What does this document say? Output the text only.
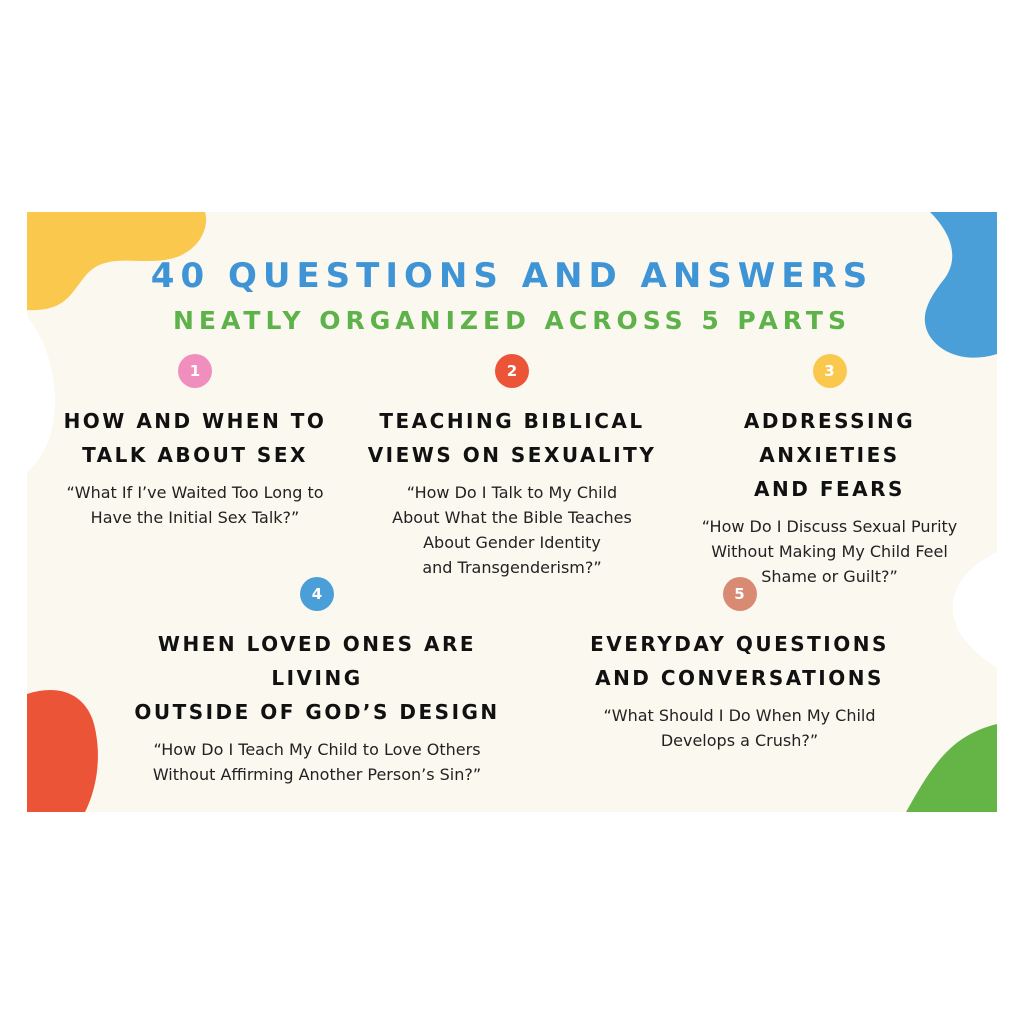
40 QUESTIONS AND ANSWERS
NEATLY ORGANIZED ACROSS 5 PARTS
1
HOW AND WHEN TO
TALK ABOUT SEX
“What If I’ve Waited Too Long to
Have the Initial Sex Talk?”
2
TEACHING BIBLICAL
VIEWS ON SEXUALITY
“How Do I Talk to My Child
About What the Bible Teaches
About Gender Identity
and Transgenderism?”
3
ADDRESSING ANXIETIES
AND FEARS
“How Do I Discuss Sexual Purity
Without Making My Child Feel
Shame or Guilt?”
4
WHEN LOVED ONES ARE LIVING
OUTSIDE OF GOD’S DESIGN
“How Do I Teach My Child to Love Others
Without Affirming Another Person’s Sin?”
5
EVERYDAY QUESTIONS
AND CONVERSATIONS
“What Should I Do When My Child
Develops a Crush?”
